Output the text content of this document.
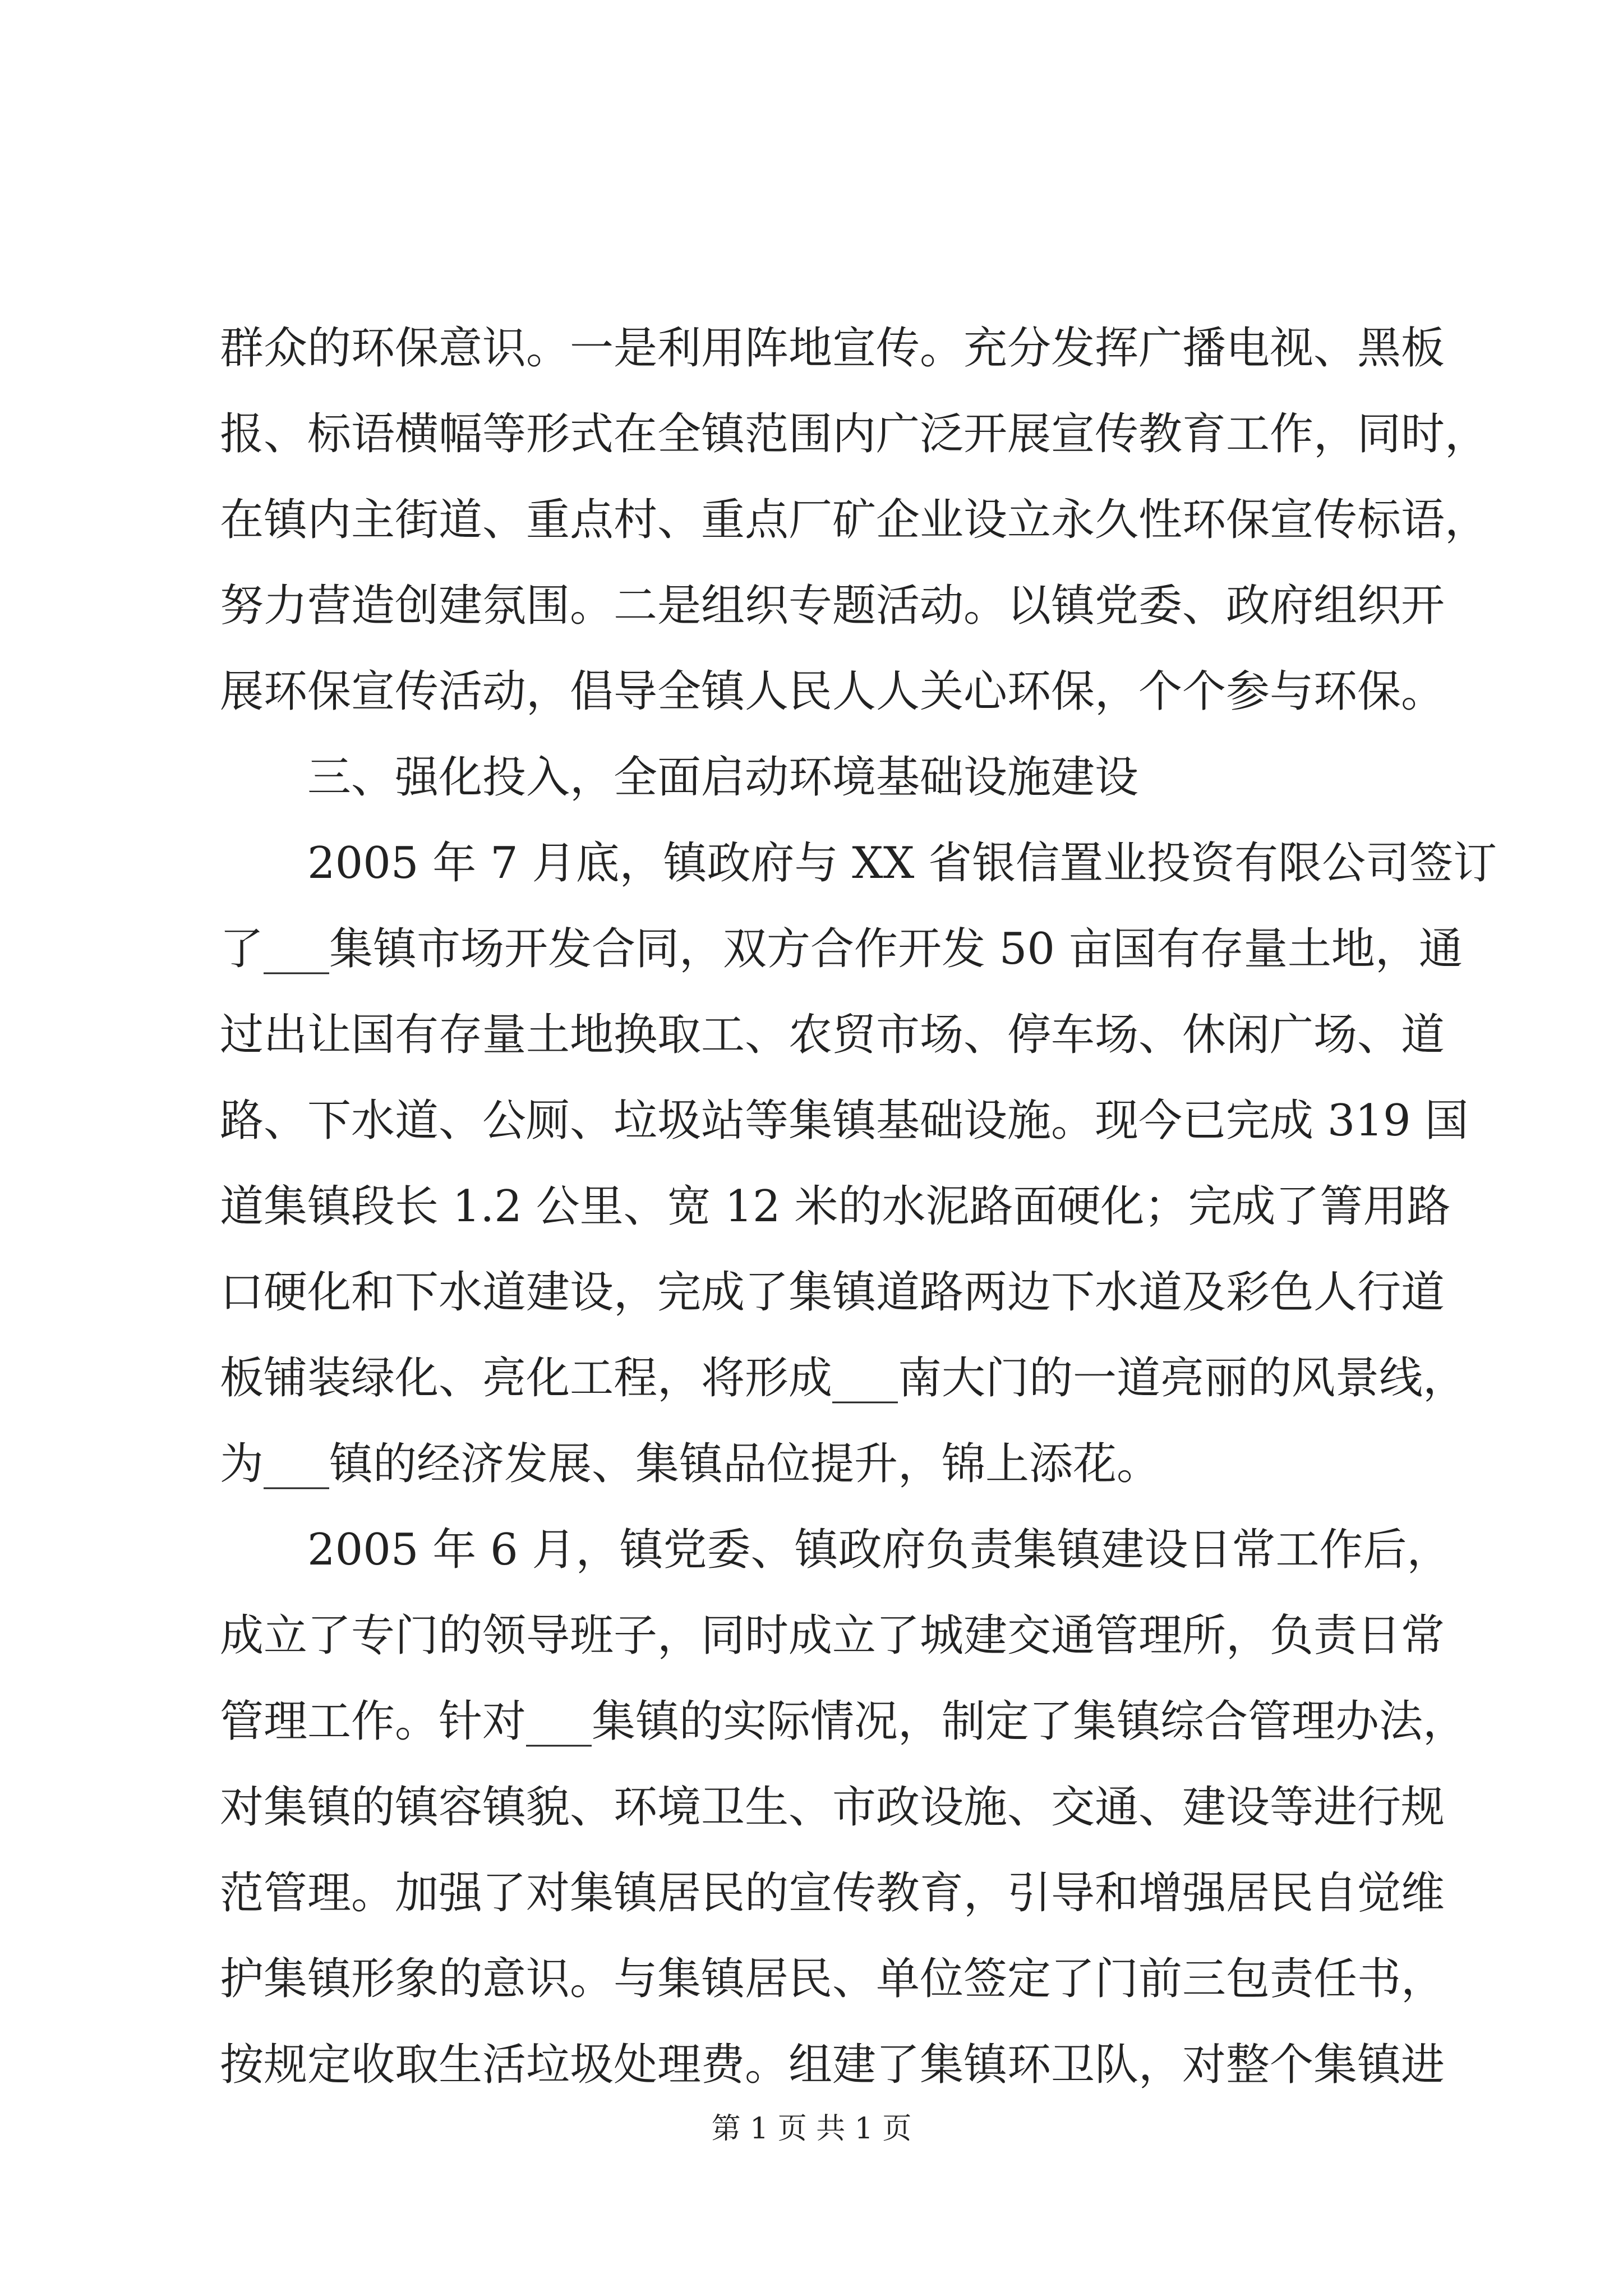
群众的环保意识。一是利用阵地宣传。充分发挥广播电视、黑板
报、标语横幅等形式在全镇范围内广泛开展宣传教育工作，同时，
在镇内主街道、重点村、重点厂矿企业设立永久性环保宣传标语，
努力营造创建氛围。二是组织专题活动。以镇党委、政府组织开
展环保宣传活动，倡导全镇人民人人关心环保，个个参与环保。
三、强化投入，全面启动环境基础设施建设
2005 年 7 月底，镇政府与 XX 省银信置业投资有限公司签订
了___集镇市场开发合同，双方合作开发 50 亩国有存量土地，通
过出让国有存量土地换取工、农贸市场、停车场、休闲广场、道
路、下水道、公厕、垃圾站等集镇基础设施。现今已完成 319 国
道集镇段长 1.2 公里、宽 12 米的水泥路面硬化；完成了箐用路
口硬化和下水道建设，完成了集镇道路两边下水道及彩色人行道
板铺装绿化、亮化工程，将形成___南大门的一道亮丽的风景线，
为___镇的经济发展、集镇品位提升，锦上添花。
2005 年 6 月，镇党委、镇政府负责集镇建设日常工作后，
成立了专门的领导班子，同时成立了城建交通管理所，负责日常
管理工作。针对___集镇的实际情况，制定了集镇综合管理办法，
对集镇的镇容镇貌、环境卫生、市政设施、交通、建设等进行规
范管理。加强了对集镇居民的宣传教育，引导和增强居民自觉维
护集镇形象的意识。与集镇居民、单位签定了门前三包责任书，
按规定收取生活垃圾处理费。组建了集镇环卫队，对整个集镇进
第 1 页 共 1 页
